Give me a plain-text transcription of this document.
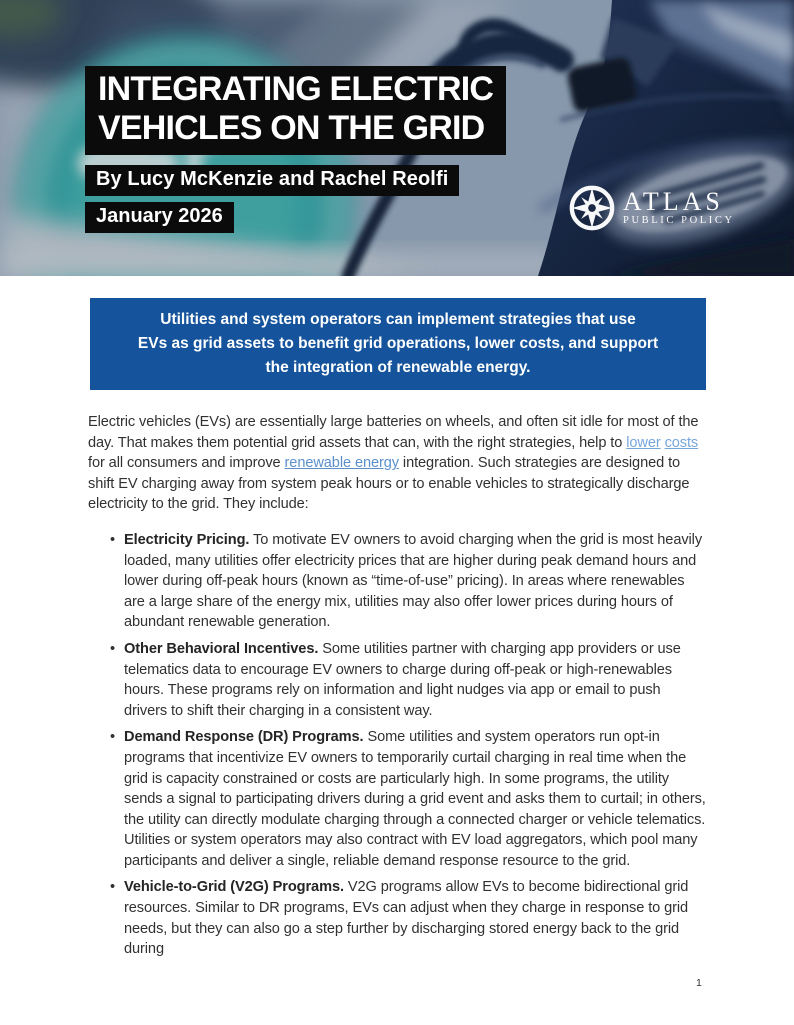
INTEGRATING ELECTRIC
VEHICLES ON THE GRID
By Lucy McKenzie and Rachel Reolfi
January 2026	ATLAS
PUBLIC POLICY
Utilities and system operators can implement strategies that use
EVs as grid assets to benefit grid operations, lower costs, and support
the integration of renewable energy.

Electric vehicles (EVs) are essentially large batteries on wheels, and often sit idle for most of the day. That makes them potential grid assets that can, with the right strategies, help to lower costs for all consumers and improve renewable energy integration. Such strategies are designed to shift EV charging away from system peak hours or to enable vehicles to strategically discharge electricity to the grid. They include:

• Electricity Pricing. To motivate EV owners to avoid charging when the grid is most heavily loaded, many utilities offer electricity prices that are higher during peak demand hours and lower during off-peak hours (known as “time-of-use” pricing). In areas where renewables are a large share of the energy mix, utilities may also offer lower prices during hours of abundant renewable generation.
• Other Behavioral Incentives. Some utilities partner with charging app providers or use telematics data to encourage EV owners to charge during off-peak or high-renewables hours. These programs rely on information and light nudges via app or email to push drivers to shift their charging in a consistent way.
• Demand Response (DR) Programs. Some utilities and system operators run opt-in programs that incentivize EV owners to temporarily curtail charging in real time when the grid is capacity constrained or costs are particularly high. In some programs, the utility sends a signal to participating drivers during a grid event and asks them to curtail; in others, the utility can directly modulate charging through a connected charger or vehicle telematics. Utilities or system operators may also contract with EV load aggregators, which pool many participants and deliver a single, reliable demand response resource to the grid.
• Vehicle-to-Grid (V2G) Programs. V2G programs allow EVs to become bidirectional grid resources. Similar to DR programs, EVs can adjust when they charge in response to grid needs, but they can also go a step further by discharging stored energy back to the grid during
1
